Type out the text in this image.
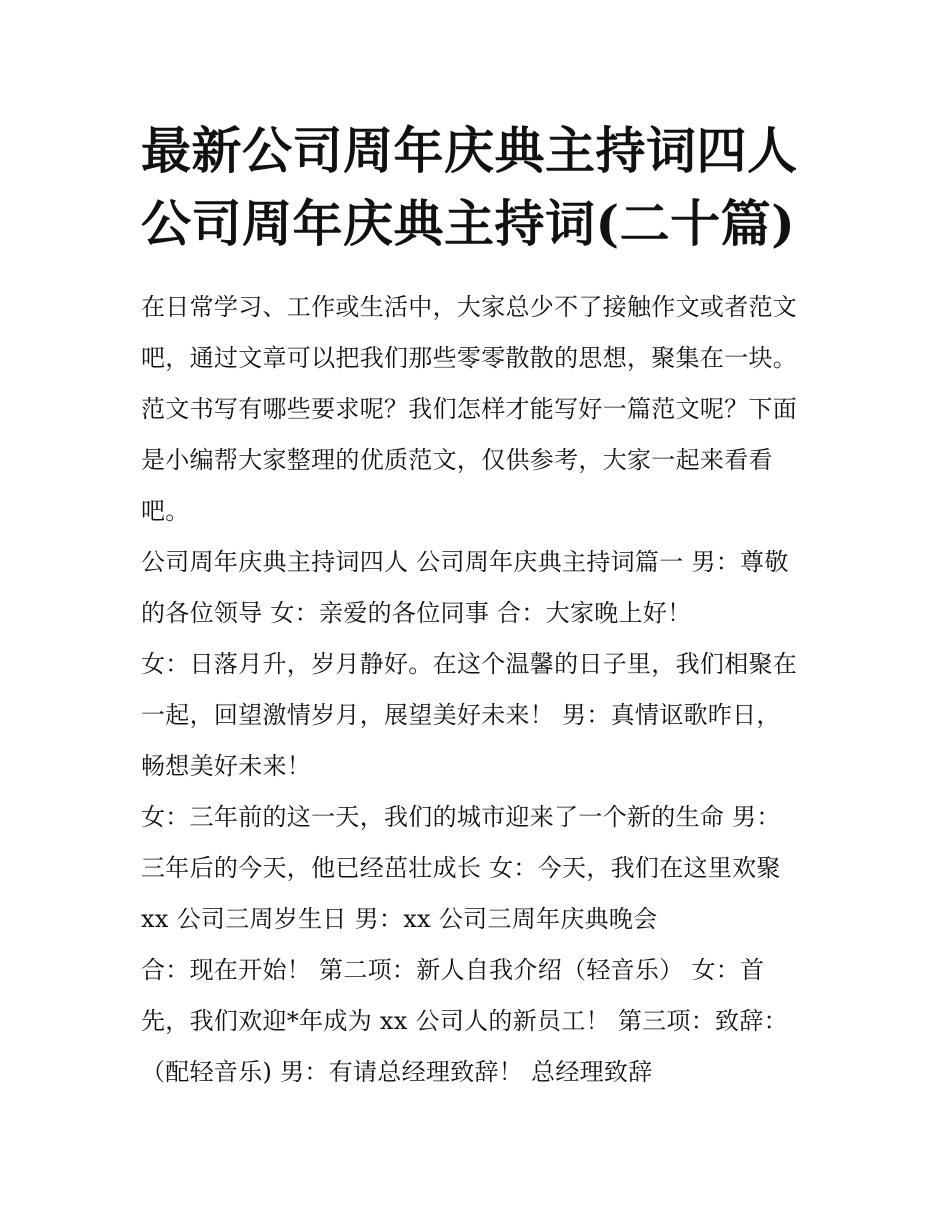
最新公司周年庆典主持词四人
公司周年庆典主持词(二十篇)
在日常学习、工作或生活中，大家总少不了接触作文或者范文
吧，通过文章可以把我们那些零零散散的思想，聚集在一块。
范文书写有哪些要求呢？我们怎样才能写好一篇范文呢？下面
是小编帮大家整理的优质范文，仅供参考，大家一起来看看
吧。
公司周年庆典主持词四人 公司周年庆典主持词篇一 男：尊敬
的各位领导 女：亲爱的各位同事 合：大家晚上好！
女：日落月升，岁月静好。在这个温馨的日子里，我们相聚在
一起，回望激情岁月，展望美好未来！ 男：真情讴歌昨日，
畅想美好未来！
女：三年前的这一天，我们的城市迎来了一个新的生命 男：
三年后的今天，他已经茁壮成长 女：今天，我们在这里欢聚
xx 公司三周岁生日 男：xx 公司三周年庆典晚会
合：现在开始！ 第二项：新人自我介绍（轻音乐） 女：首
先，我们欢迎*年成为 xx 公司人的新员工！ 第三项：致辞：
（配轻音乐) 男：有请总经理致辞！ 总经理致辞
